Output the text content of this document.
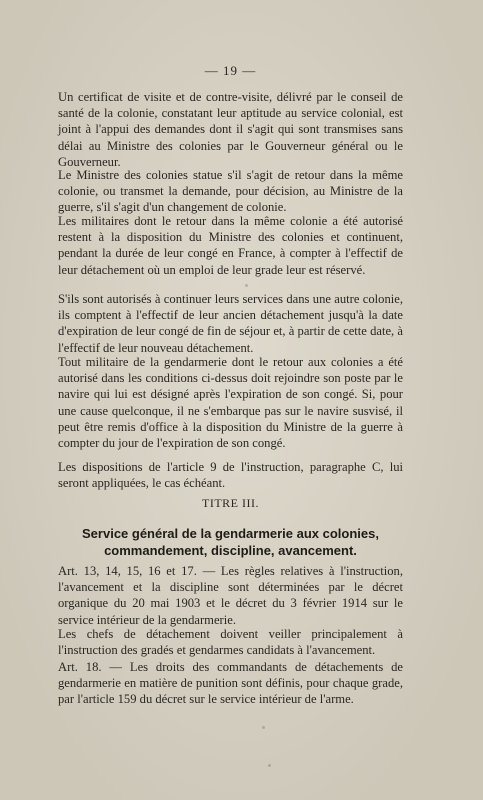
— 19 —

Un certificat de visite et de contre-visite, délivré par le conseil de santé de la colonie, constatant leur aptitude au service colonial, est joint à l'appui des demandes dont il s'agit qui sont transmises sans délai au Ministre des colonies par le Gouverneur général ou le Gouverneur.

Le Ministre des colonies statue s'il s'agit de retour dans la même colonie, ou transmet la demande, pour décision, au Ministre de la guerre, s'il s'agit d'un changement de colonie.

Les militaires dont le retour dans la même colonie a été autorisé restent à la disposition du Ministre des colonies et continuent, pendant la durée de leur congé en France, à compter à l'effectif de leur détachement où un emploi de leur grade leur est réservé.

S'ils sont autorisés à continuer leurs services dans une autre colonie, ils comptent à l'effectif de leur ancien détachement jusqu'à la date d'expiration de leur congé de fin de séjour et, à partir de cette date, à l'effectif de leur nouveau détachement.

Tout militaire de la gendarmerie dont le retour aux colonies a été autorisé dans les conditions ci-dessus doit rejoindre son poste par le navire qui lui est désigné après l'expiration de son congé. Si, pour une cause quelconque, il ne s'embarque pas sur le navire susvisé, il peut être remis d'office à la disposition du Ministre de la guerre à compter du jour de l'expiration de son congé.

Les dispositions de l'article 9 de l'instruction, paragraphe C, lui seront appliquées, le cas échéant.

TITRE III.
Service général de la gendarmerie aux colonies,
commandement, discipline, avancement.

Art. 13, 14, 15, 16 et 17. — Les règles relatives à l'instruction, l'avancement et la discipline sont déterminées par le décret organique du 20 mai 1903 et le décret du 3 février 1914 sur le service intérieur de la gendarmerie.

Les chefs de détachement doivent veiller principalement à l'instruction des gradés et gendarmes candidats à l'avancement.

Art. 18. — Les droits des commandants de détachements de gendarmerie en matière de punition sont définis, pour chaque grade, par l'article 159 du décret sur le service intérieur de l'arme.
